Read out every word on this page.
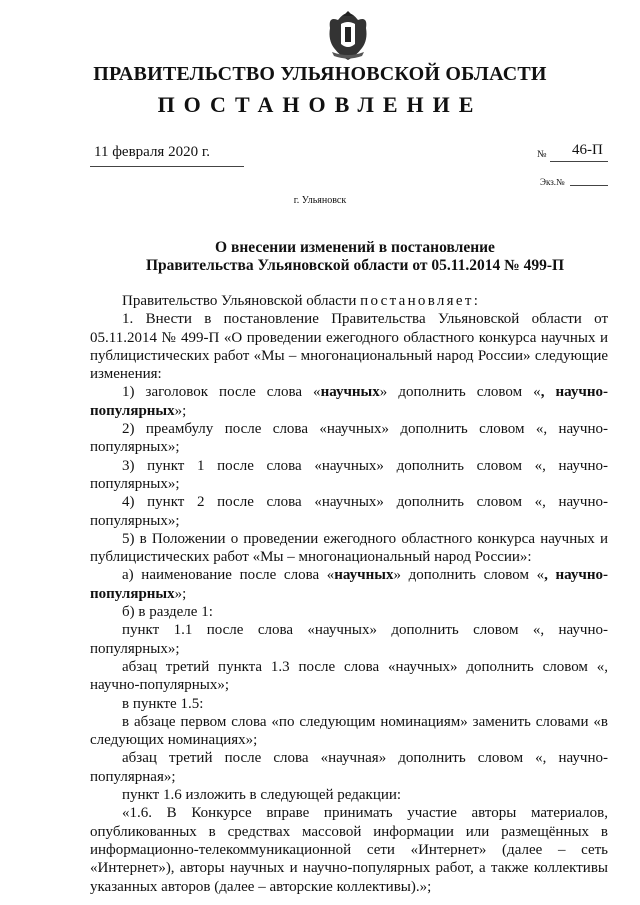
ПРАВИТЕЛЬСТВО УЛЬЯНОВСКОЙ ОБЛАСТИ
ПОСТАНОВЛЕНИЕ
11 февраля 2020 г.	№ 46-П
Экз.№
г. Ульяновск
О внесении изменений в постановление
Правительства Ульяновской области от 05.11.2014 № 499-П

Правительство Ульяновской области постановляет:

1. Внести в постановление Правительства Ульяновской области от 05.11.2014 № 499-П «О проведении ежегодного областного конкурса научных и публицистических работ «Мы – многонациональный народ России» следующие изменения:

1) заголовок после слова «научных» дополнить словом «, научно-популярных»;

2) преамбулу после слова «научных» дополнить словом «, научно-популярных»;

3) пункт 1 после слова «научных» дополнить словом «, научно-популярных»;

4) пункт 2 после слова «научных» дополнить словом «, научно-популярных»;

5) в Положении о проведении ежегодного областного конкурса научных и публицистических работ «Мы – многонациональный народ России»:

а) наименование после слова «научных» дополнить словом «, научно-популярных»;

б) в разделе 1:

пункт 1.1 после слова «научных» дополнить словом «, научно-популярных»;

абзац третий пункта 1.3 после слова «научных» дополнить словом «, научно-популярных»;

в пункте 1.5:

в абзаце первом слова «по следующим номинациям» заменить словами «в следующих номинациях»;

абзац третий после слова «научная» дополнить словом «, научно-популярная»;

пункт 1.6 изложить в следующей редакции:

«1.6. В Конкурсе вправе принимать участие авторы материалов, опубликованных в средствах массовой информации или размещённых в информационно-телекоммуникационной сети «Интернет» (далее – сеть «Интернет»), авторы научных и научно-популярных работ, а также коллективы указанных авторов (далее – авторские коллективы).»;
